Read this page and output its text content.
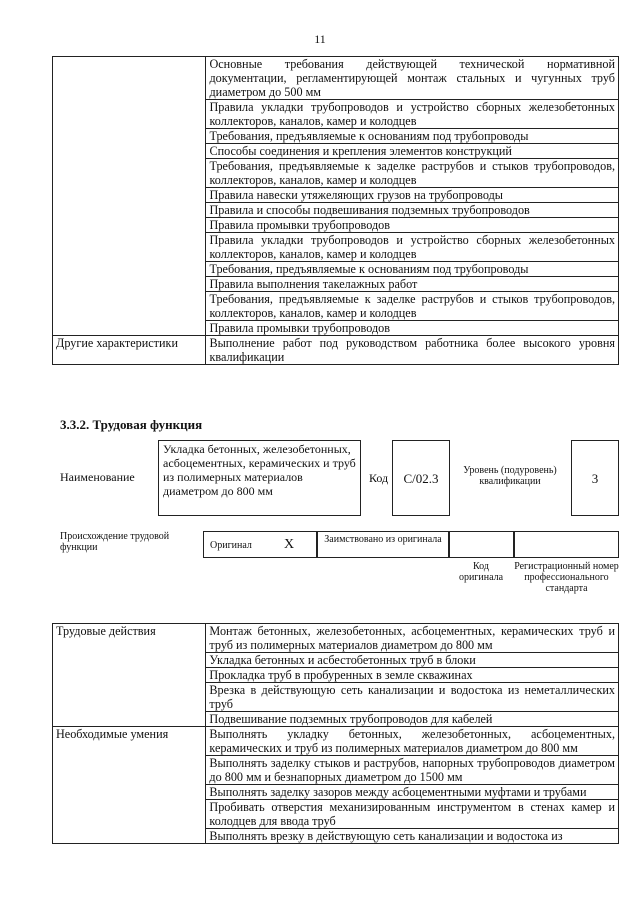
11
	Основные требования действующей технической нормативной документации, регламентирующей монтаж стальных и чугунных труб диаметром до 500 мм
	Правила укладки трубопроводов и устройство сборных железобетонных коллекторов, каналов, камер и колодцев
	Требования, предъявляемые к основаниям под трубопроводы
	Способы соединения и крепления элементов конструкций
	Требования, предъявляемые к заделке раструбов и стыков трубопроводов, коллекторов, каналов, камер и колодцев
	Правила навески утяжеляющих грузов на трубопроводы
	Правила и способы подвешивания подземных трубопроводов
	Правила промывки трубопроводов
	Правила укладки трубопроводов и устройство сборных железобетонных коллекторов, каналов, камер и колодцев
	Требования, предъявляемые к основаниям под трубопроводы
	Правила выполнения такелажных работ
	Требования, предъявляемые к заделке раструбов и стыков трубопроводов, коллекторов, каналов, камер и колодцев
	Правила промывки трубопроводов
Другие характеристики	Выполнение работ под руководством работника более высокого уровня квалификации
3.3.2. Трудовая функция
Наименование
Укладка бетонных, железобетонных, асбоцементных, керамических и труб из полимерных материалов диаметром до 800 мм
Код	С/02.3
Уровень (подуровень) квалификации	3
Происхождение трудовой функции	Оригинал X	Заимствовано из оригинала
Код оригинала
Регистрационный номер профессионального стандарта
Трудовые действия	Монтаж бетонных, железобетонных, асбоцементных, керамических труб и труб из полимерных материалов диаметром до 800 мм
	Укладка бетонных и асбестобетонных труб в блоки
	Прокладка труб в пробуренных в земле скважинах
	Врезка в действующую сеть канализации и водостока из неметаллических труб
	Подвешивание подземных трубопроводов для кабелей
Необходимые умения	Выполнять укладку бетонных, железобетонных, асбоцементных, керамических и труб из полимерных материалов диаметром до 800 мм
	Выполнять заделку стыков и раструбов, напорных трубопроводов диаметром до 800 мм и безнапорных диаметром до 1500 мм
	Выполнять заделку зазоров между асбоцементными муфтами и трубами
	Пробивать отверстия механизированным инструментом в стенах камер и колодцев для ввода труб
	Выполнять врезку в действующую сеть канализации и водостока из
